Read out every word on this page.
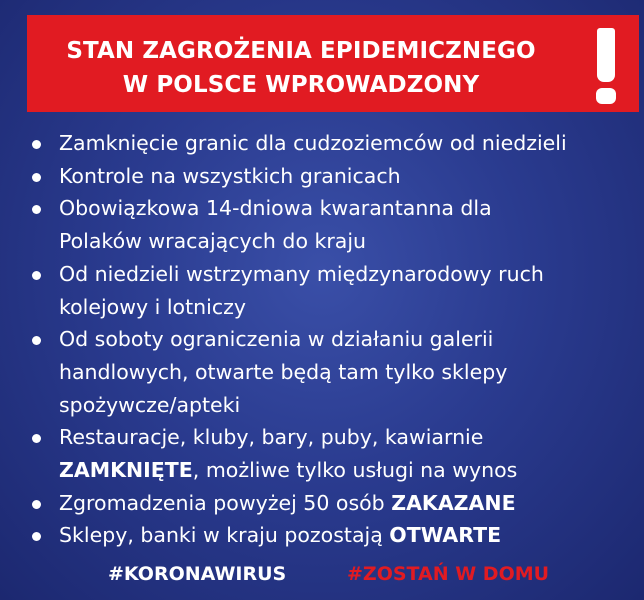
STAN ZAGROŻENIA EPIDEMICZNEGO
W POLSCE WPROWADZONY
Zamknięcie granic dla cudzoziemców od niedzieli
Kontrole na wszystkich granicach
Obowiązkowa 14-dniowa kwarantanna dla
Polaków wracających do kraju
Od niedzieli wstrzymany międzynarodowy ruch
kolejowy i lotniczy
Od soboty ograniczenia w działaniu galerii
handlowych, otwarte będą tam tylko sklepy
spożywcze/apteki
Restauracje, kluby, bary, puby, kawiarnie
ZAMKNIĘTE, możliwe tylko usługi na wynos
Zgromadzenia powyżej 50 osób ZAKAZANE
Sklepy, banki w kraju pozostają OTWARTE
#KORONAWIRUS	#ZOSTAŃ W DOMU
